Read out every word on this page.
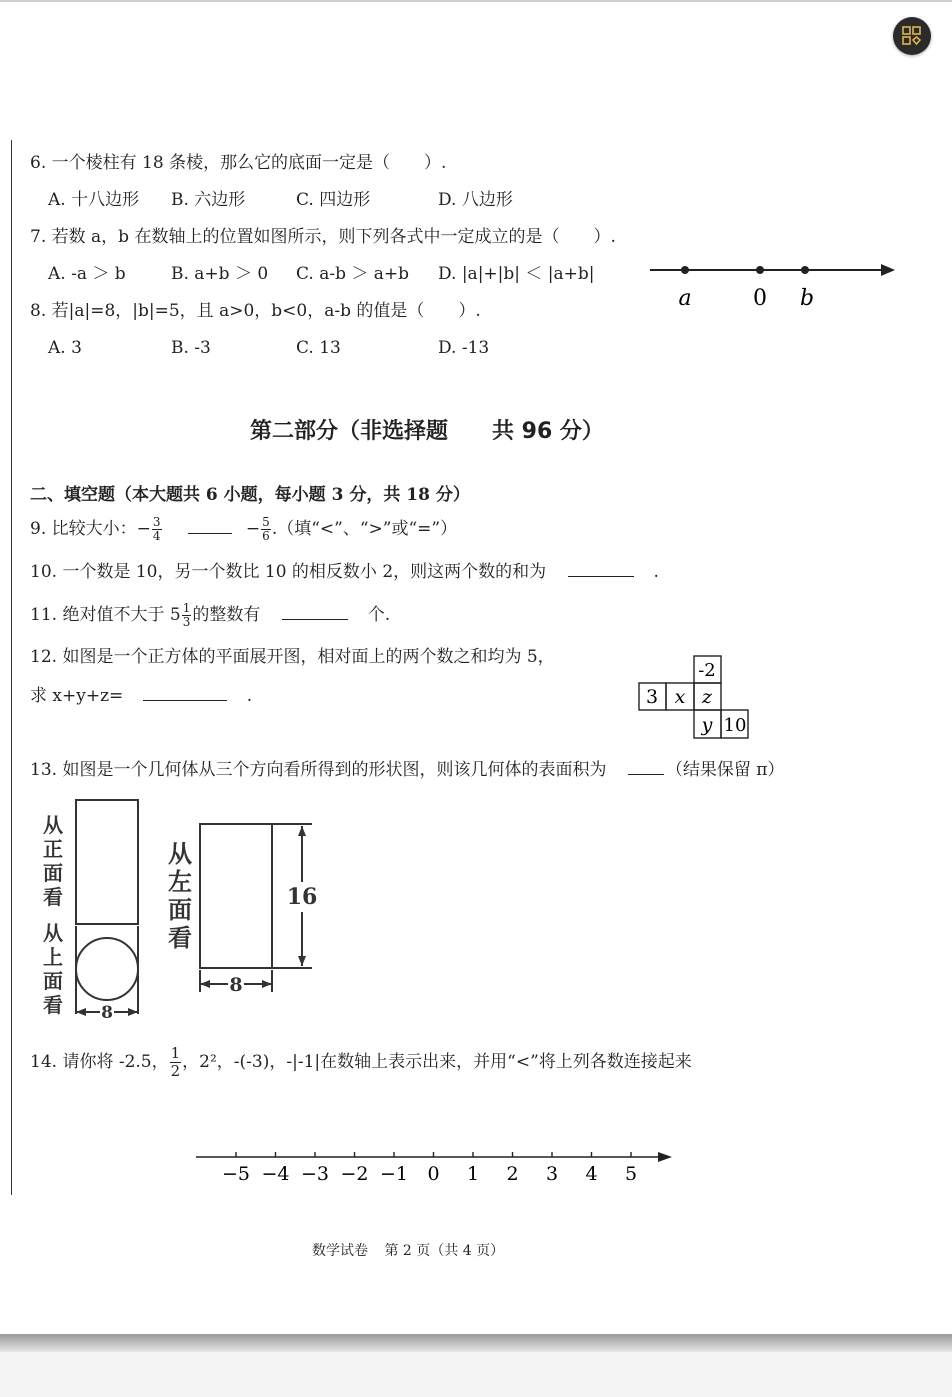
6. 一个棱柱有 18 条棱，那么它的底面一定是（　　）.
A. 十八边形 B. 六边形	C. 四边形	D. 八边形
7. 若数 a，b 在数轴上的位置如图所示，则下列各式中一定成立的是（　　）.
A. -a ＞ b	B. a+b ＞ 0 C. a-b ＞ a+b D. |a|+|b| ＜ |a+b|
a	0 b
8. 若|a|=8，|b|=5，且 a>0，b<0，a-b 的值是（　　）.
A. 3	B. -3	C. 13	D. -13
第二部分（非选择题　　共 96 分）
二、填空题（本大题共 6 小题，每小题 3 分，共 18 分）
9. 比较大小：− $\frac{3}{4}$	− $\frac{5}{6}$ .（填“<”、“>”或“=”）
10. 一个数是 10，另一个数比 10 的相反数小 2，则这两个数的和为	.
11. 绝对值不大于 $5 \frac{1}{3}$ 的整数有	个.
12. 如图是一个正方体的平面展开图，相对面上的两个数之和均为 5，
求 x+y+z=	.
-2
3 x z
y 10
13. 如图是一个几何体从三个方向看所得到的形状图，则该几何体的表面积为	（结果保留 π）
从
正
面
看
从
上
面
看
从
左
面
看
8
16
8
14. 请你将 -2.5， $\frac{1}{2}$ ，2²，-(-3)，-|-1|在数轴上表示出来，并用“<”将上列各数连接起来
−5 −4 −3 −2 −1 0 1 2 3 4 5
数学试卷 第 2 页（共 4 页）
